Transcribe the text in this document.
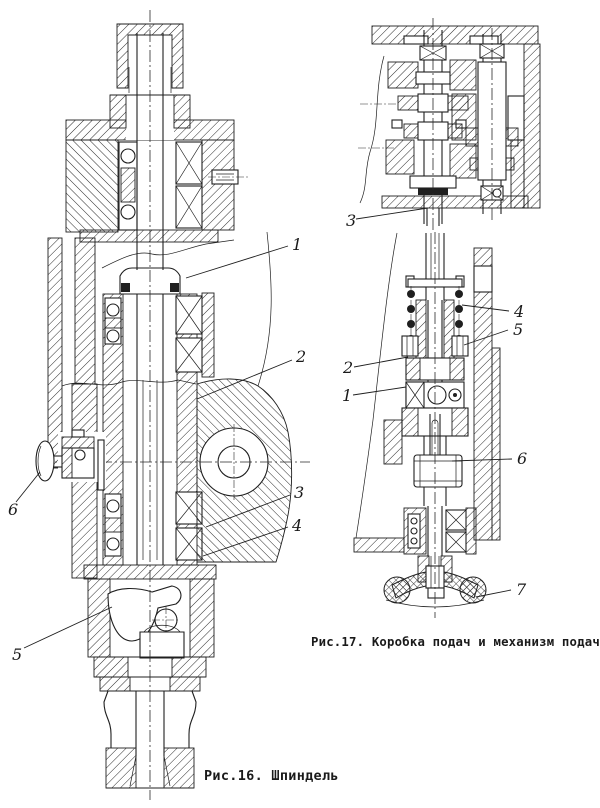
1
2
3
4
5
6
Рис.16. Шпиндель
3
4
5
2
1
6
7
Рис.17. Коробка подач и механизм подач
